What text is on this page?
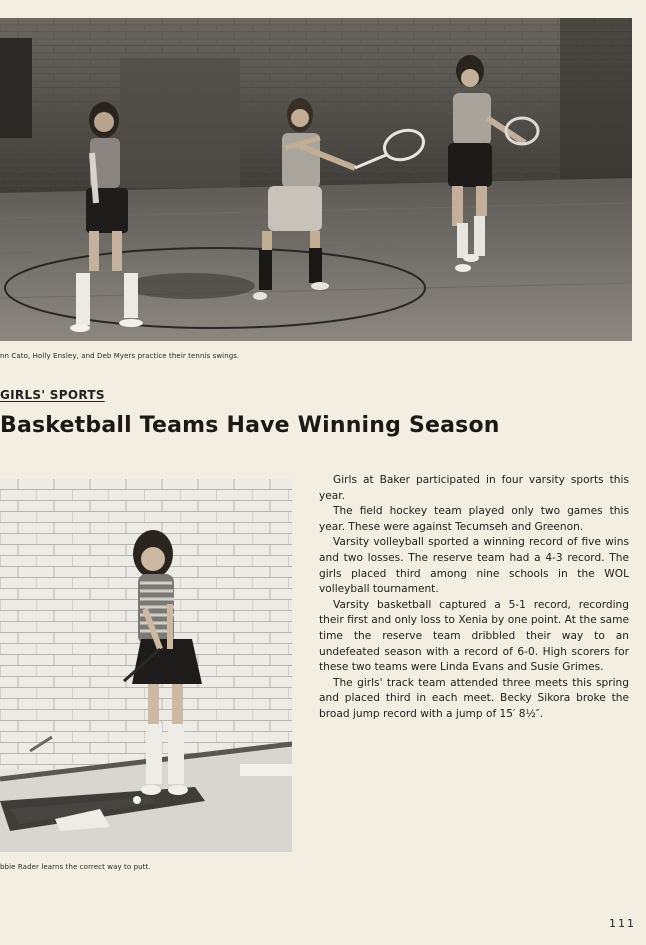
nn Cato, Holly Ensley, and Deb Myers practice their tennis swings.
GIRLS' SPORTS
Basketball Teams Have Winning Season
bbie Rader learns the correct way to putt.

Girls at Baker participated in four varsity sports this year.

The field hockey team played only two games this year. These were against Tecumseh and Greenon.

Varsity volleyball sported a winning record of five wins and two losses. The reserve team had a 4-3 record. The girls placed third among nine schools in the WOL volleyball tournament.

Varsity basketball captured a 5-1 record, recording their first and only loss to Xenia by one point. At the same time the reserve team dribbled their way to an undefeated season with a record of 6-0. High scorers for these two teams were Linda Evans and Susie Grimes.

The girls' track team attended three meets this spring and placed third in each meet. Becky Sikora broke the broad jump record with a jump of 15′ 8½″.

111
